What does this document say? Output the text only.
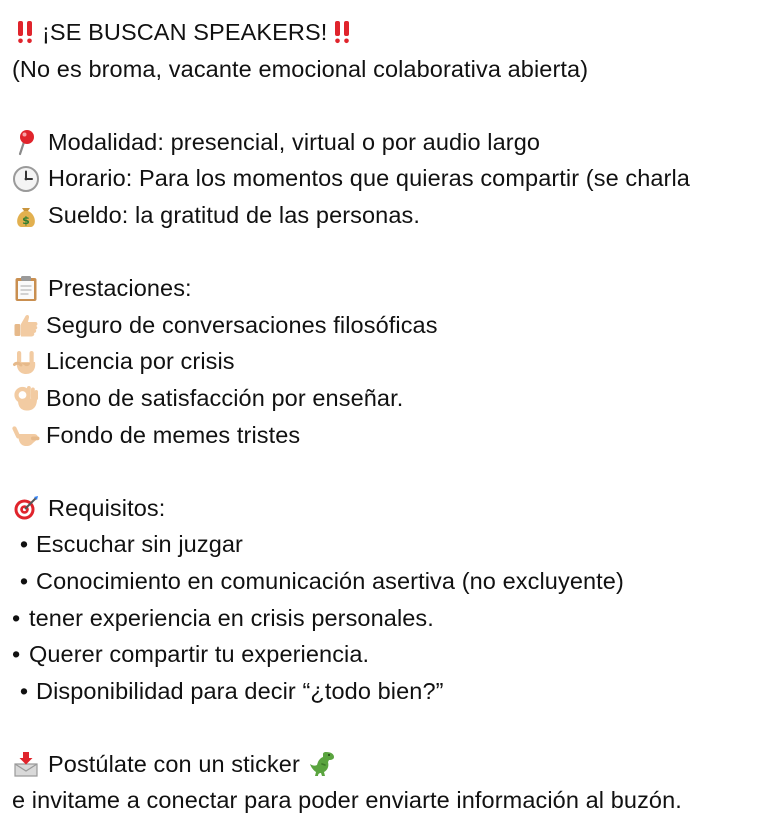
¡SE BUSCAN SPEAKERS!
(No es broma, vacante emocional colaborativa abierta)
Modalidad: presencial, virtual o por audio largo
Horario: Para los momentos que quieras compartir (se charla
$ Sueldo: la gratitud de las personas.
Prestaciones:
Seguro de conversaciones filosóficas
Licencia por crisis
Bono de satisfacción por enseñar.
Fondo de memes tristes
Requisitos:
• Escuchar sin juzgar
• Conocimiento en comunicación asertiva (no excluyente)
• tener experiencia en crisis personales.
• Querer compartir tu experiencia.
• Disponibilidad para decir “¿todo bien?”
Postúlate con un sticker
e invitame a conectar para poder enviarte información al buzón.
